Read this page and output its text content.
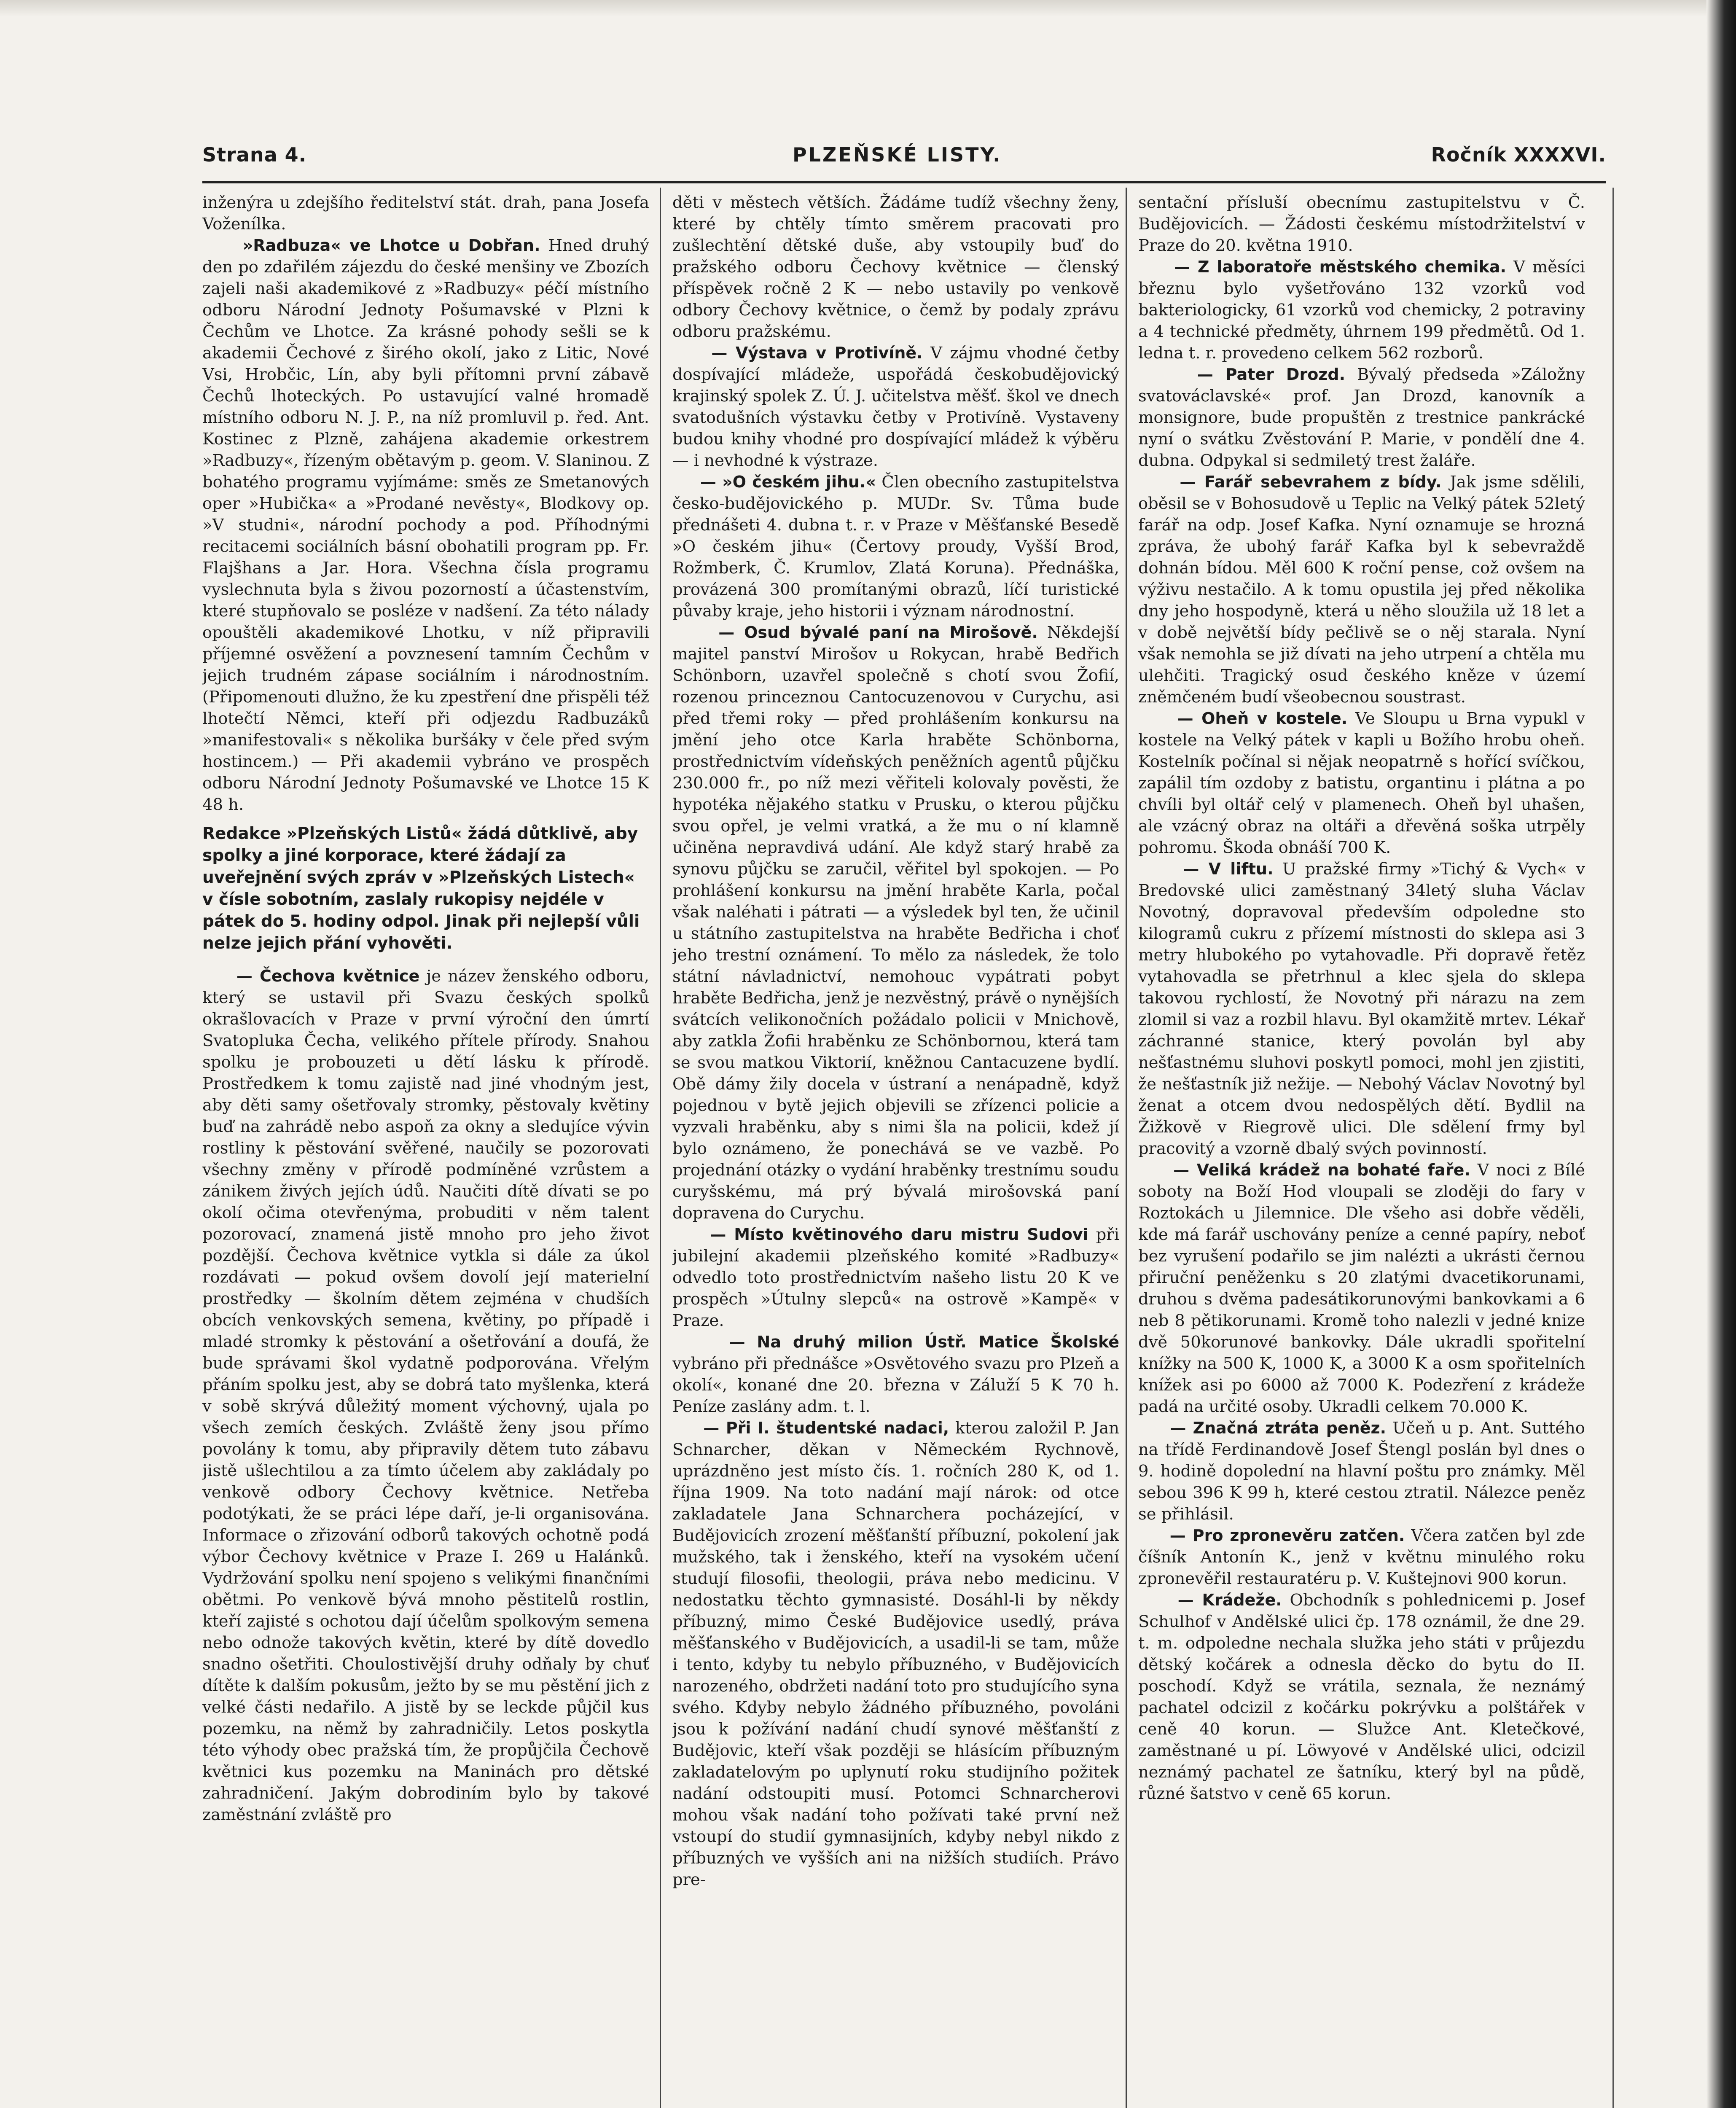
Strana 4.	PLZEŇSKÉ LISTY.	Ročník XXXXVI.

inženýra u zdejšího ředitelství stát. drah, pana Josefa Voženílka.

»Radbuza« ve Lhotce u Dobřan. Hned druhý den po zdařilém zájezdu do české menšiny ve Zbozích zajeli naši akademikové z »Radbuzy« péčí místního odboru Národní Jednoty Pošumavské v Plzni k Čechům ve Lhotce. Za krásné pohody sešli se k akademii Čechové z širého okolí, jako z Litic, Nové Vsi, Hrobčic, Lín, aby byli přítomni první zábavě Čechů lhoteckých. Po ustavující valné hromadě místního odboru N. J. P., na níž promluvil p. řed. Ant. Kostinec z Plzně, zahájena akademie orkestrem »Radbuzy«, řízeným obětavým p. geom. V. Slaninou. Z bohatého programu vyjímáme: směs ze Smetanových oper »Hubička« a »Prodané nevěsty«, Blodkovy op. »V studni«, národní pochody a pod. Příhodnými recitacemi sociálních básní obohatili program pp. Fr. Flajšhans a Jar. Hora. Všechna čísla programu vyslechnuta byla s živou pozorností a účastenstvím, které stupňovalo se posléze v nadšení. Za této nálady opouštěli akademikové Lhotku, v níž připravili příjemné osvěžení a povznesení tamním Čechům v jejich trudném zápase sociálním i národnostním. (Připomenouti dlužno, že ku zpestření dne přispěli též lhotečtí Němci, kteří při odjezdu Radbuzáků »manifestovali« s několika buršáky v čele před svým hostincem.) — Při akademii vybráno ve prospěch odboru Národní Jednoty Pošumavské ve Lhotce 15 K 48 h.

Redakce »Plzeňských Listů« žádá důtklivě, aby spolky a jiné korporace, které žádají za uveřejnění svých zpráv v »Plzeňských Listech« v čísle sobotním, zaslaly rukopisy nejdéle v pátek do 5. hodiny odpol. Jinak při nejlepší vůli nelze jejich přání vyhověti.

— Čechova květnice je název ženského odboru, který se ustavil při Svazu českých spolků okrašlovacích v Praze v první výroční den úmrtí Svatopluka Čecha, velikého přítele přírody. Snahou spolku je probouzeti u dětí lásku k přírodě. Prostředkem k tomu zajistě nad jiné vhodným jest, aby děti samy ošetřovaly stromky, pěstovaly květiny buď na zahrádě nebo aspoň za okny a sledujíce vývin rostliny k pěstování svěřené, naučily se pozorovati všechny změny v přírodě podmíněné vzrůstem a zánikem živých jejích údů. Naučiti dítě dívati se po okolí očima otevřenýma, probuditi v něm talent pozorovací, znamená jistě mnoho pro jeho život pozdější. Čechova květnice vytkla si dále za úkol rozdávati — pokud ovšem dovolí její materielní prostředky — školním dětem zejména v chudších obcích venkovských semena, květiny, po případě i mladé stromky k pěstování a ošetřování a doufá, že bude správami škol vydatně podporována. Vřelým přáním spolku jest, aby se dobrá tato myšlenka, která v sobě skrývá důležitý moment výchovný, ujala po všech zemích českých. Zvláště ženy jsou přímo povolány k tomu, aby připravily dětem tuto zábavu jistě ušlechtilou a za tímto účelem aby zakládaly po venkově odbory Čechovy květnice. Netřeba podotýkati, že se práci lépe daří, je-li organisována. Informace o zřizování odborů takových ochotně podá výbor Čechovy květnice v Praze I. 269 u Halánků. Vydržování spolku není spojeno s velikými finančními obětmi. Po venkově bývá mnoho pěstitelů rostlin, kteří zajisté s ochotou dají účelům spolkovým semena nebo odnože takových květin, které by dítě dovedlo snadno ošetřiti. Choulostivější druhy odňaly by chuť dítěte k dalším pokusům, ježto by se mu pěstění jich z velké části nedařilo. A jistě by se leckde půjčil kus pozemku, na němž by zahradničily. Letos poskytla této výhody obec pražská tím, že propůjčila Čechově květnici kus pozemku na Maninách pro dětské zahradničení. Jakým dobrodiním bylo by takové zaměstnání zvláště pro

děti v městech větších. Žádáme tudíž všechny ženy, které by chtěly tímto směrem pracovati pro zušlechtění dětské duše, aby vstoupily buď do pražského odboru Čechovy květnice — členský příspěvek ročně 2 K — nebo ustavily po venkově odbory Čechovy květnice, o čemž by podaly zprávu odboru pražskému.

— Výstava v Protivíně. V zájmu vhodné četby dospívající mládeže, uspořádá českobudějovický krajinský spolek Z. Ú. J. učitelstva měšť. škol ve dnech svatodušních výstavku četby v Protivíně. Vystaveny budou knihy vhodné pro dospívající mládež k výběru — i nevhodné k výstraze.

— »O českém jihu.« Člen obecního zastupitelstva česko-budějovického p. MUDr. Sv. Tůma bude přednášeti 4. dubna t. r. v Praze v Měšťanské Besedě »O českém jihu« (Čertovy proudy, Vyšší Brod, Rožmberk, Č. Krumlov, Zlatá Koruna). Přednáška, provázená 300 promítanými obrazů, líčí turistické půvaby kraje, jeho historii i význam národnostní.

— Osud bývalé paní na Mirošově. Někdejší majitel panství Mirošov u Rokycan, hrabě Bedřich Schönborn, uzavřel společně s chotí svou Žofií, rozenou princeznou Cantocuzenovou v Curychu, asi před třemi roky — před prohlášením konkursu na jmění jeho otce Karla hraběte Schönborna, prostřednictvím vídeňských peněžních agentů půjčku 230.000 fr., po níž mezi věřiteli kolovaly pověsti, že hypotéka nějakého statku v Prusku, o kterou půjčku svou opřel, je velmi vratká, a že mu o ní klamně učiněna nepravdivá udání. Ale když starý hrabě za synovu půjčku se zaručil, věřitel byl spokojen. — Po prohlášení konkursu na jmění hraběte Karla, počal však naléhati i pátrati — a výsledek byl ten, že učinil u státního zastupitelstva na hraběte Bedřicha i choť jeho trestní oznámení. To mělo za následek, že tolo státní návladnictví, nemohouc vypátrati pobyt hraběte Bedřicha, jenž je nezvěstný, právě o nynějších svátcích velikonočních požádalo policii v Mnichově, aby zatkla Žofii hraběnku ze Schönbornou, která tam se svou matkou Viktorií, kněžnou Cantacuzene bydlí. Obě dámy žily docela v ústraní a nenápadně, když pojednou v bytě jejich objevili se zřízenci policie a vyzvali hraběnku, aby s nimi šla na policii, kdež jí bylo oznámeno, že ponechává se ve vazbě. Po projednání otázky o vydání hraběnky trestnímu soudu curyšskému, má prý bývalá mirošovská paní dopravena do Curychu.

— Místo květinového daru mistru Sudovi při jubilejní akademii plzeňského komité »Radbuzy« odvedlo toto prostřednictvím našeho listu 20 K ve prospěch »Útulny slepců« na ostrově »Kampě« v Praze.

— Na druhý milion Ústř. Matice Školské vybráno při přednášce »Osvětového svazu pro Plzeň a okolí«, konané dne 20. března v Záluží 5 K 70 h. Peníze zaslány adm. t. l.

— Při I. študentské nadaci, kterou založil P. Jan Schnarcher, děkan v Německém Rychnově, uprázdněno jest místo čís. 1. ročních 280 K, od 1. října 1909. Na toto nadání mají nárok: od otce zakladatele Jana Schnarchera pocházející, v Budějovicích zrození měšťanští příbuzní, pokolení jak mužského, tak i ženského, kteří na vysokém učení studují filosofii, theologii, práva nebo medicinu. V nedostatku těchto gymnasisté. Dosáhl-li by někdy příbuzný, mimo České Budějovice usedlý, práva měšťanského v Budějovicích, a usadil-li se tam, může i tento, kdyby tu nebylo příbuzného, v Budějovicích narozeného, obdržeti nadání toto pro studujícího syna svého. Kdyby nebylo žádného příbuzného, povoláni jsou k požívání nadání chudí synové měšťanští z Budějovic, kteří však později se hlásícím příbuzným zakladatelovým po uplynutí roku studijního požitek nadání odstoupiti musí. Potomci Schnarcherovi mohou však nadání toho požívati také první než vstoupí do studií gymnasijních, kdyby nebyl nikdo z příbuzných ve vyšších ani na nižších studiích. Právo pre-

sentační přísluší obecnímu zastupitelstvu v Č. Budějovicích. — Žádosti českému místodržitelství v Praze do 20. května 1910.

— Z laboratoře městského chemika. V měsíci březnu bylo vyšetřováno 132 vzorků vod bakteriologicky, 61 vzorků vod chemicky, 2 potraviny a 4 technické předměty, úhrnem 199 předmětů. Od 1. ledna t. r. provedeno celkem 562 rozborů.

— Pater Drozd. Bývalý předseda »Záložny svatováclavské« prof. Jan Drozd, kanovník a monsignore, bude propuštěn z trestnice pankrácké nyní o svátku Zvěstování P. Marie, v pondělí dne 4. dubna. Odpykal si sedmiletý trest žaláře.

— Farář sebevrahem z bídy. Jak jsme sdělili, oběsil se v Bohosudově u Teplic na Velký pátek 52letý farář na odp. Josef Kafka. Nyní oznamuje se hrozná zpráva, že ubohý farář Kafka byl k sebevraždě dohnán bídou. Měl 600 K roční pense, což ovšem na výživu nestačilo. A k tomu opustila jej před několika dny jeho hospodyně, která u něho sloužila už 18 let a v době největší bídy pečlivě se o něj starala. Nyní však nemohla se již dívati na jeho utrpení a chtěla mu ulehčiti. Tragický osud českého kněze v území zněmčeném budí všeobecnou soustrast.

— Oheň v kostele. Ve Sloupu u Brna vypukl v kostele na Velký pátek v kapli u Božího hrobu oheň. Kostelník počínal si nějak neopatrně s hořící svíčkou, zapálil tím ozdoby z batistu, organtinu i plátna a po chvíli byl oltář celý v plamenech. Oheň byl uhašen, ale vzácný obraz na oltáři a dřevěná soška utrpěly pohromu. Škoda obnáší 700 K.

— V liftu. U pražské firmy »Tichý & Vych« v Bredovské ulici zaměstnaný 34letý sluha Václav Novotný, dopravoval především odpoledne sto kilogramů cukru z přízemí místnosti do sklepa asi 3 metry hlubokého po vytahovadle. Při dopravě řetěz vytahovadla se přetrhnul a klec sjela do sklepa takovou rychlostí, že Novotný při nárazu na zem zlomil si vaz a rozbil hlavu. Byl okamžitě mrtev. Lékař záchranné stanice, který povolán byl aby nešťastnému sluhovi poskytl pomoci, mohl jen zjistiti, že nešťastník již nežije. — Nebohý Václav Novotný byl ženat a otcem dvou nedospělých dětí. Bydlil na Žižkově v Riegrově ulici. Dle sdělení frmy byl pracovitý a vzorně dbalý svých povinností.

— Veliká krádež na bohaté faře. V noci z Bílé soboty na Boží Hod vloupali se zloději do fary v Roztokách u Jilemnice. Dle všeho asi dobře věděli, kde má farář uschovány peníze a cenné papíry, neboť bez vyrušení podařilo se jim nalézti a ukrásti černou přiruční peněženku s 20 zlatými dvacetikorunami, druhou s dvěma padesátikorunovými bankovkami a 6 neb 8 pětikorunami. Kromě toho nalezli v jedné knize dvě 50korunové bankovky. Dále ukradli spořitelní knížky na 500 K, 1000 K, a 3000 K a osm spořitelních knížek asi po 6000 až 7000 K. Podezření z krádeže padá na určité osoby. Ukradli celkem 70.000 K.

— Značná ztráta peněz. Učeň u p. Ant. Suttého na třídě Ferdinandově Josef Štengl poslán byl dnes o 9. hodině dopolední na hlavní poštu pro známky. Měl sebou 396 K 99 h, které cestou ztratil. Nálezce peněz se přihlásil.

— Pro zpronevěru zatčen. Včera zatčen byl zde číšník Antonín K., jenž v květnu minulého roku zpronevěřil restauratéru p. V. Kuštejnovi 900 korun.

— Krádeže. Obchodník s pohlednicemi p. Josef Schulhof v Andělské ulici čp. 178 oznámil, že dne 29. t. m. odpoledne nechala služka jeho státi v průjezdu dětský kočárek a odnesla děcko do bytu do II. poschodí. Když se vrátila, seznala, že neznámý pachatel odcizil z kočárku pokrývku a polštářek v ceně 40 korun. — Služce Ant. Kletečkové, zaměstnané u pí. Löwyové v Andělské ulici, odcizil neznámý pachatel ze šatníku, který byl na půdě, různé šatstvo v ceně 65 korun.
